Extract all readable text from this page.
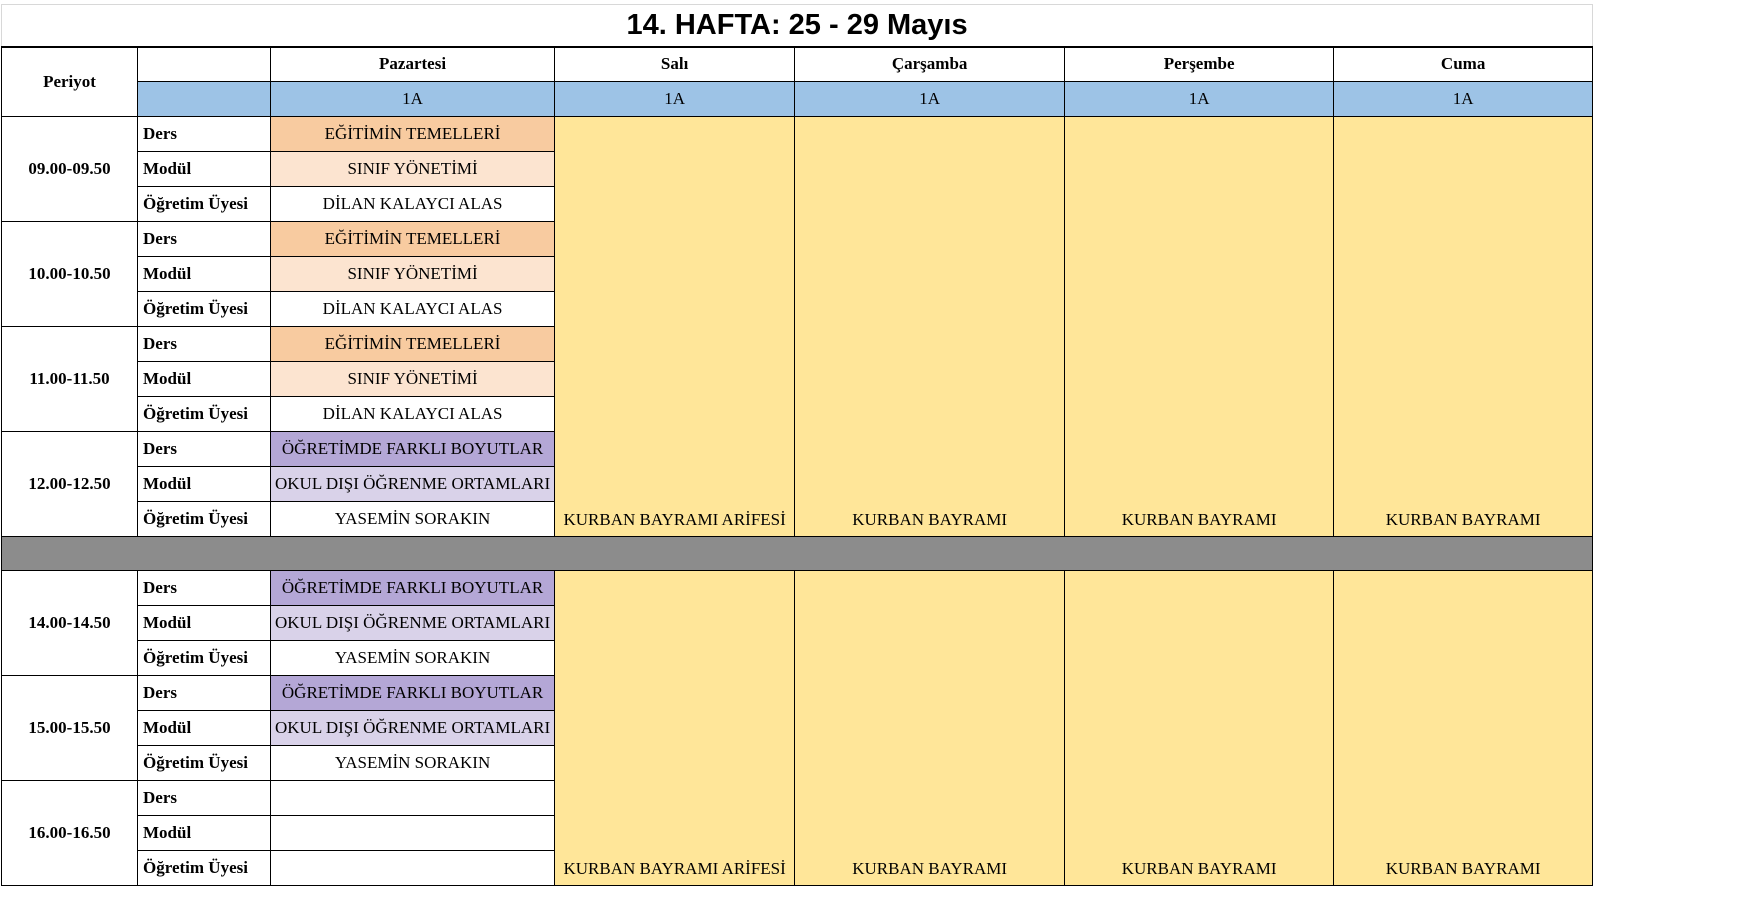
14. HAFTA: 25 - 29 Mayıs						
Periyot		Pazartesi	Salı	Çarşamba	Perşembe	Cuma
		1A	1A	1A	1A	1A
09.00-09.50	Ders	EĞİTİMİN TEMELLERİ	KURBAN BAYRAMI ARİFESİ	KURBAN BAYRAMI	KURBAN BAYRAMI	KURBAN BAYRAMI
	Modül	SINIF YÖNETİMİ				
	Öğretim Üyesi	DİLAN KALAYCI ALAS				
10.00-10.50	Ders	EĞİTİMİN TEMELLERİ				
	Modül	SINIF YÖNETİMİ				
	Öğretim Üyesi	DİLAN KALAYCI ALAS				
11.00-11.50	Ders	EĞİTİMİN TEMELLERİ				
	Modül	SINIF YÖNETİMİ				
	Öğretim Üyesi	DİLAN KALAYCI ALAS				
12.00-12.50	Ders	ÖĞRETİMDE FARKLI BOYUTLAR				
	Modül	OKUL DIŞI ÖĞRENME ORTAMLARI				
	Öğretim Üyesi	YASEMİN SORAKIN				

14.00-14.50	Ders	ÖĞRETİMDE FARKLI BOYUTLAR	KURBAN BAYRAMI ARİFESİ	KURBAN BAYRAMI	KURBAN BAYRAMI	KURBAN BAYRAMI
	Modül	OKUL DIŞI ÖĞRENME ORTAMLARI				
	Öğretim Üyesi	YASEMİN SORAKIN				
15.00-15.50	Ders	ÖĞRETİMDE FARKLI BOYUTLAR				
	Modül	OKUL DIŞI ÖĞRENME ORTAMLARI				
	Öğretim Üyesi	YASEMİN SORAKIN				
16.00-16.50	Ders					
	Modül					
	Öğretim Üyesi					
